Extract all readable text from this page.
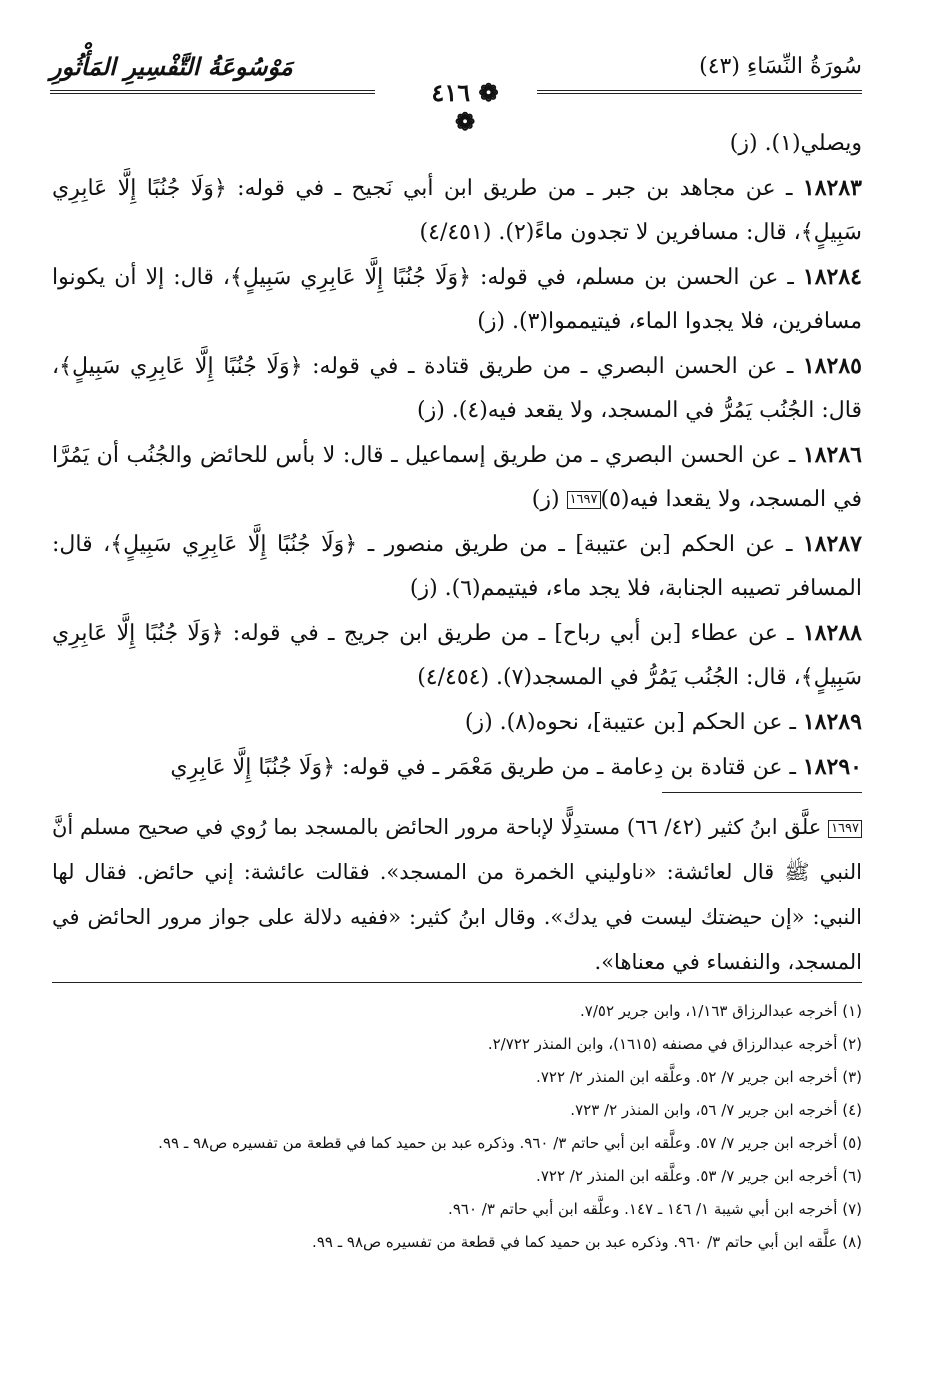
سُورَةُ النِّسَاءِ (٤٣)
مَوْسُوعَةُ التَّفْسِيرِ المَأْثُورِ
❁ ٤١٦ ❁

ويصلي(١). (ز)

١٨٢٨٣ ـ عن مجاهد بن جبر ـ من طريق ابن أبي نَجيح ـ في قوله: ﴿وَلَا جُنُبًا إِلَّا عَابِرِي سَبِيلٍ﴾، قال: مسافرين لا تجدون ماءً(٢). (٤/٤٥١)

١٨٢٨٤ ـ عن الحسن بن مسلم، في قوله: ﴿وَلَا جُنُبًا إِلَّا عَابِرِي سَبِيلٍ﴾، قال: إلا أن يكونوا مسافرين، فلا يجدوا الماء، فيتيمموا(٣). (ز)

١٨٢٨٥ ـ عن الحسن البصري ـ من طريق قتادة ـ في قوله: ﴿وَلَا جُنُبًا إِلَّا عَابِرِي سَبِيلٍ﴾، قال: الجُنُب يَمُرُّ في المسجد، ولا يقعد فيه(٤). (ز)

١٨٢٨٦ ـ عن الحسن البصري ـ من طريق إسماعيل ـ قال: لا بأس للحائض والجُنُب أن يَمُرَّا في المسجد، ولا يقعدا فيه(٥)١٦٩٧ (ز)

١٨٢٨٧ ـ عن الحكم [بن عتيبة] ـ من طريق منصور ـ ﴿وَلَا جُنُبًا إِلَّا عَابِرِي سَبِيلٍ﴾، قال: المسافر تصيبه الجنابة، فلا يجد ماء، فيتيمم(٦). (ز)

١٨٢٨٨ ـ عن عطاء [بن أبي رباح] ـ من طريق ابن جريج ـ في قوله: ﴿وَلَا جُنُبًا إِلَّا عَابِرِي سَبِيلٍ﴾، قال: الجُنُب يَمُرُّ في المسجد(٧). (٤/٤٥٤)

١٨٢٨٩ ـ عن الحكم [بن عتيبة]، نحوه(٨). (ز)

١٨٢٩٠ ـ عن قتادة بن دِعامة ـ من طريق مَعْمَر ـ في قوله: ﴿وَلَا جُنُبًا إِلَّا عَابِرِي

١٦٩٧ علَّق ابنُ كثير (٤٢/ ٦٦) مستدِلًّا لإباحة مرور الحائض بالمسجد بما رُوي في صحيح مسلم أنَّ النبي ﷺ قال لعائشة: «ناوليني الخمرة من المسجد». فقالت عائشة: إني حائض. فقال لها النبي: «إن حيضتك ليست في يدك». وقال ابنُ كثير: «ففيه دلالة على جواز مرور الحائض في المسجد، والنفساء في معناها».

(١) أخرجه عبدالرزاق ١/١٦٣، وابن جرير ٧/٥٢.

(٢) أخرجه عبدالرزاق في مصنفه (١٦١٥)، وابن المنذر ٢/٧٢٢.

(٣) أخرجه ابن جرير ٧/ ٥٢. وعلَّقه ابن المنذر ٢/ ٧٢٢.

(٤) أخرجه ابن جرير ٧/ ٥٦، وابن المنذر ٢/ ٧٢٣.

(٥) أخرجه ابن جرير ٧/ ٥٧. وعلَّقه ابن أبي حاتم ٣/ ٩٦٠. وذكره عبد بن حميد كما في قطعة من تفسيره ص٩٨ ـ ٩٩.

(٦) أخرجه ابن جرير ٧/ ٥٣. وعلَّقه ابن المنذر ٢/ ٧٢٢.

(٧) أخرجه ابن أبي شيبة ١/ ١٤٦ ـ ١٤٧. وعلَّقه ابن أبي حاتم ٣/ ٩٦٠.

(٨) علَّقه ابن أبي حاتم ٣/ ٩٦٠. وذكره عبد بن حميد كما في قطعة من تفسيره ص٩٨ ـ ٩٩.
